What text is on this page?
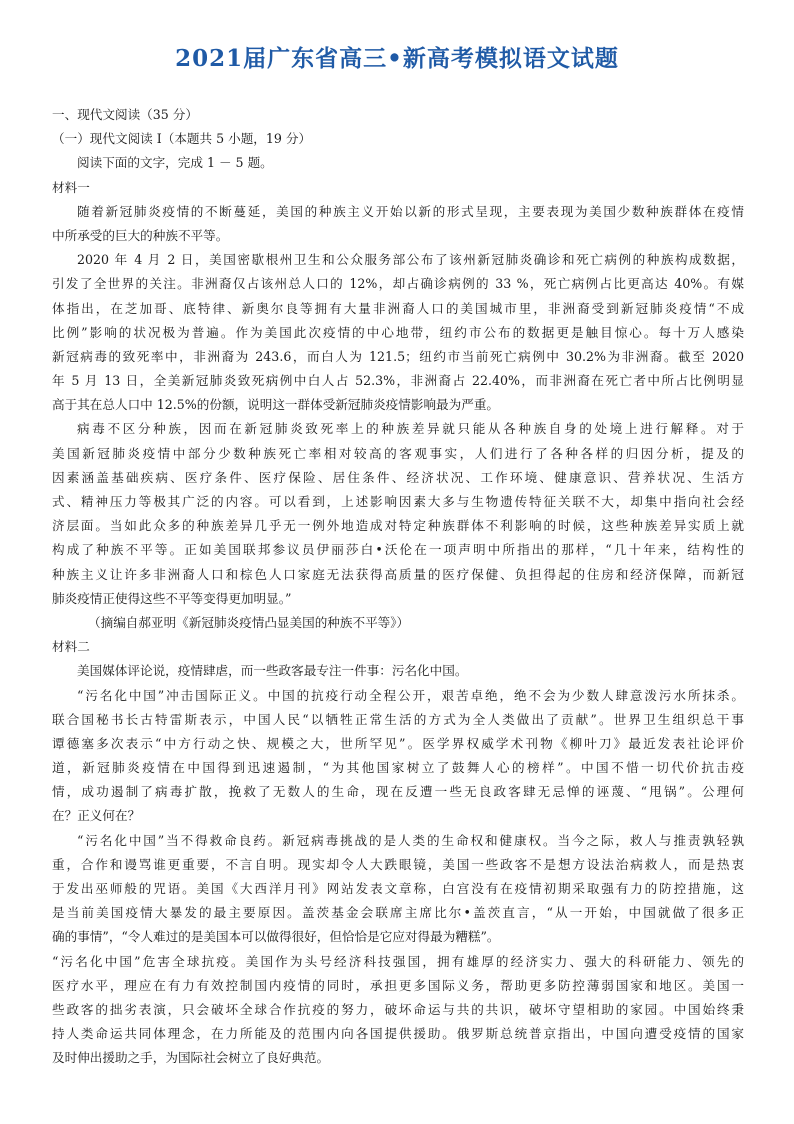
2021届广东省高三•新高考模拟语文试题
一、现代文阅读（35 分）
（一）现代文阅读 I（本题共 5 小题，19 分）
阅读下面的文字，完成 1 － 5 题。
材料一
随着新冠肺炎疫情的不断蔓延，美国的种族主义开始以新的形式呈现，主要表现为美国少数种族群体在疫情
中所承受的巨大的种族不平等。
2020 年 4 月 2 日，美国密歇根州卫生和公众服务部公布了该州新冠肺炎确诊和死亡病例的种族构成数据，
引发了全世界的关注。非洲裔仅占该州总人口的 12%，却占确诊病例的 33 %，死亡病例占比更高达 40%。有媒
体指出，在芝加哥、底特律、新奥尔良等拥有大量非洲裔人口的美国城市里，非洲裔受到新冠肺炎疫情“不成
比例”影响的状况极为普遍。作为美国此次疫情的中心地带，纽约市公布的数据更是触目惊心。每十万人感染
新冠病毒的致死率中，非洲裔为 243.6，而白人为 121.5；纽约市当前死亡病例中 30.2%为非洲裔。截至 2020
年 5 月 13 日，全美新冠肺炎致死病例中白人占 52.3%，非洲裔占 22.40%，而非洲裔在死亡者中所占比例明显
高于其在总人口中 12.5%的份额，说明这一群体受新冠肺炎疫情影响最为严重。
病毒不区分种族，因而在新冠肺炎致死率上的种族差异就只能从各种族自身的处境上进行解释。对于
美国新冠肺炎疫情中部分少数种族死亡率相对较高的客观事实，人们进行了各种各样的归因分析，提及的
因素涵盖基础疾病、医疗条件、医疗保险、居住条件、经济状况、工作环境、健康意识、营养状况、生活方
式、精神压力等极其广泛的内容。可以看到，上述影响因素大多与生物遗传特征关联不大，却集中指向社会经
济层面。当如此众多的种族差异几乎无一例外地造成对特定种族群体不利影响的时候，这些种族差异实质上就
构成了种族不平等。正如美国联邦参议员伊丽莎白•沃伦在一项声明中所指出的那样，“几十年来，结构性的
种族主义让许多非洲裔人口和棕色人口家庭无法获得高质量的医疗保健、负担得起的住房和经济保障，而新冠
肺炎疫情正使得这些不平等变得更加明显。”
（摘编自郝亚明《新冠肺炎疫情凸显美国的种族不平等》）
材料二
美国媒体评论说，疫情肆虐，而一些政客最专注一件事：污名化中国。
“污名化中国”冲击国际正义。中国的抗疫行动全程公开，艰苦卓绝，绝不会为少数人肆意泼污水所抹杀。
联合国秘书长古特雷斯表示，中国人民“以牺牲正常生活的方式为全人类做出了贡献”。世界卫生组织总干事
谭德塞多次表示“中方行动之快、规模之大，世所罕见”。医学界权威学术刊物《柳叶刀》最近发表社论评价
道，新冠肺炎疫情在中国得到迅速遏制，“为其他国家树立了鼓舞人心的榜样”。中国不惜一切代价抗击疫
情，成功遏制了病毒扩散，挽救了无数人的生命，现在反遭一些无良政客肆无忌惮的诬蔑、“甩锅”。公理何
在？正义何在？
“污名化中国”当不得救命良药。新冠病毒挑战的是人类的生命权和健康权。当今之际，救人与推责孰轻孰
重，合作和谩骂谁更重要，不言自明。现实却令人大跌眼镜，美国一些政客不是想方设法治病救人，而是热衷
于发出巫师般的咒语。美国《大西洋月刊》网站发表文章称，白宫没有在疫情初期采取强有力的防控措施，这
是当前美国疫情大暴发的最主要原因。盖茨基金会联席主席比尔•盖茨直言，“从一开始，中国就做了很多正
确的事情”，“令人难过的是美国本可以做得很好，但恰恰是它应对得最为糟糕”。
“污名化中国”危害全球抗疫。美国作为头号经济科技强国，拥有雄厚的经济实力、强大的科研能力、领先的
医疗水平，理应在有力有效控制国内疫情的同时，承担更多国际义务，帮助更多防控薄弱国家和地区。美国一
些政客的拙劣表演，只会破坏全球合作抗疫的努力，破坏命运与共的共识，破坏守望相助的家园。中国始终秉
持人类命运共同体理念，在力所能及的范围内向各国提供援助。俄罗斯总统普京指出，中国向遭受疫情的国家
及时伸出援助之手，为国际社会树立了良好典范。
